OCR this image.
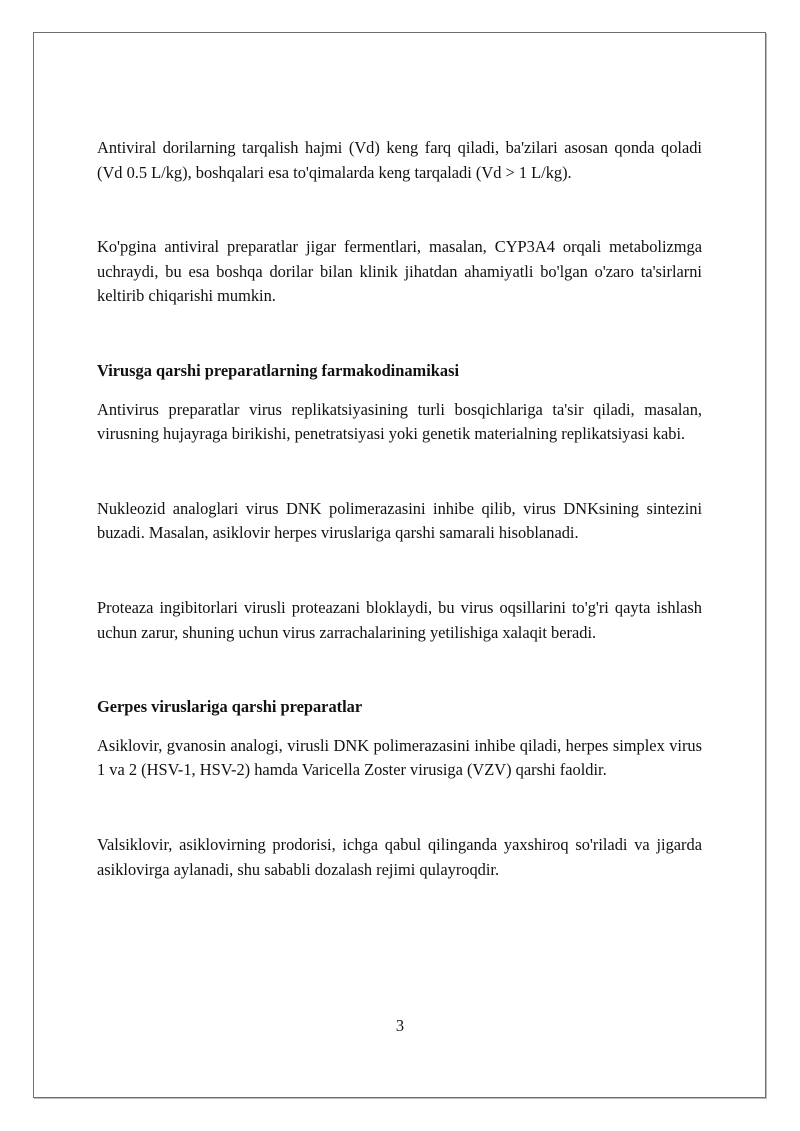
Antiviral dorilarning tarqalish hajmi (Vd) keng farq qiladi, ba'zilari asosan qonda qoladi (Vd 0.5 L/kg), boshqalari esa to'qimalarda keng tarqaladi (Vd > 1 L/kg).

Ko'pgina antiviral preparatlar jigar fermentlari, masalan, CYP3A4 orqali metabolizmga uchraydi, bu esa boshqa dorilar bilan klinik jihatdan ahamiyatli bo'lgan o'zaro ta'sirlarni keltirib chiqarishi mumkin.

Virusga qarshi preparatlarning farmakodinamikasi

Antivirus preparatlar virus replikatsiyasining turli bosqichlariga ta'sir qiladi, masalan, virusning hujayraga birikishi, penetratsiyasi yoki genetik materialning replikatsiyasi kabi.

Nukleozid analoglari virus DNK polimerazasini inhibe qilib, virus DNKsining sintezini buzadi. Masalan, asiklovir herpes viruslariga qarshi samarali hisoblanadi.

Proteaza ingibitorlari virusli proteazani bloklaydi, bu virus oqsillarini to'g'ri qayta ishlash uchun zarur, shuning uchun virus zarrachalarining yetilishiga xalaqit beradi.

Gerpes viruslariga qarshi preparatlar

Asiklovir, gvanosin analogi, virusli DNK polimerazasini inhibe qiladi, herpes simplex virus 1 va 2 (HSV-1, HSV-2) hamda Varicella Zoster virusiga (VZV) qarshi faoldir.

Valsiklovir, asiklovirning prodorisi, ichga qabul qilinganda yaxshiroq so'riladi va jigarda asiklovirga aylanadi, shu sababli dozalash rejimi qulayroqdir.

3
